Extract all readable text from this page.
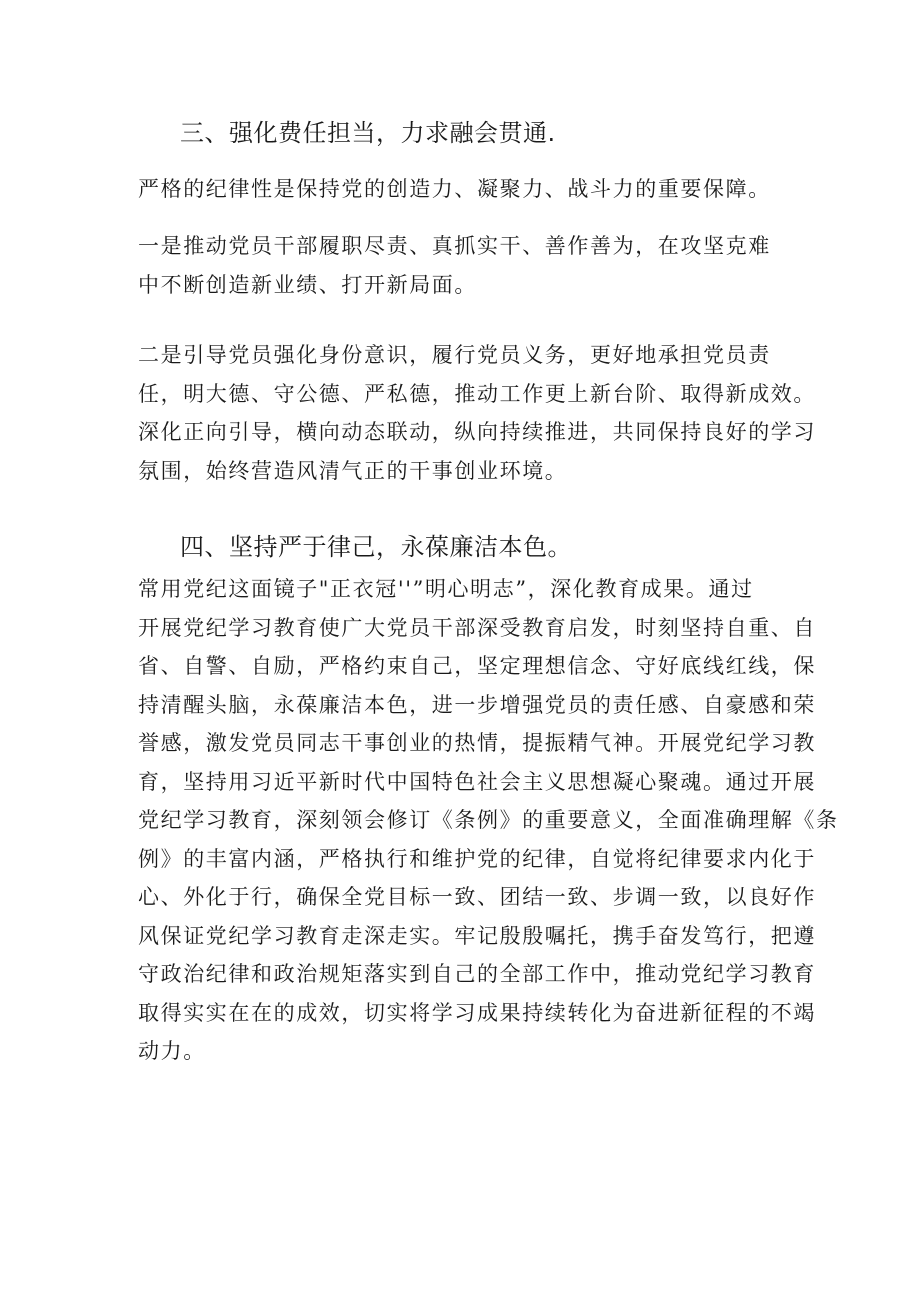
三、强化费任担当，力求融会贯通.

严格的纪律性是保持党的创造力、凝聚力、战斗力的重要保障。

一是推动党员干部履职尽责、真抓实干、善作善为，在攻坚克难
中不断创造新业绩、打开新局面。

二是引导党员强化身份意识，履行党员义务，更好地承担党员责
任，明大德、守公德、严私德，推动工作更上新台阶、取得新成效。
深化正向引导，横向动态联动，纵向持续推进，共同保持良好的学习
氛围，始终营造风清气正的干事创业环境。

四、坚持严于律己，永葆廉洁本色。

常用党纪这面镜子"正衣冠''”明心明志”，深化教育成果。通过
开展党纪学习教育使广大党员干部深受教育启发，时刻坚持自重、自
省、自警、自励，严格约束自己，坚定理想信念、守好底线红线，保
持清醒头脑，永葆廉洁本色，进一步增强党员的责任感、自豪感和荣
誉感，激发党员同志干事创业的热情，提振精气神。开展党纪学习教
育，坚持用习近平新时代中国特色社会主义思想凝心聚魂。通过开展
党纪学习教育，深刻领会修订《条例》的重要意义，全面准确理解《条
例》的丰富内涵，严格执行和维护党的纪律，自觉将纪律要求内化于
心、外化于行，确保全党目标一致、团结一致、步调一致，以良好作
风保证党纪学习教育走深走实。牢记殷殷嘱托，携手奋发笃行，把遵
守政治纪律和政治规矩落实到自己的全部工作中，推动党纪学习教育
取得实实在在的成效，切实将学习成果持续转化为奋进新征程的不竭
动力。
